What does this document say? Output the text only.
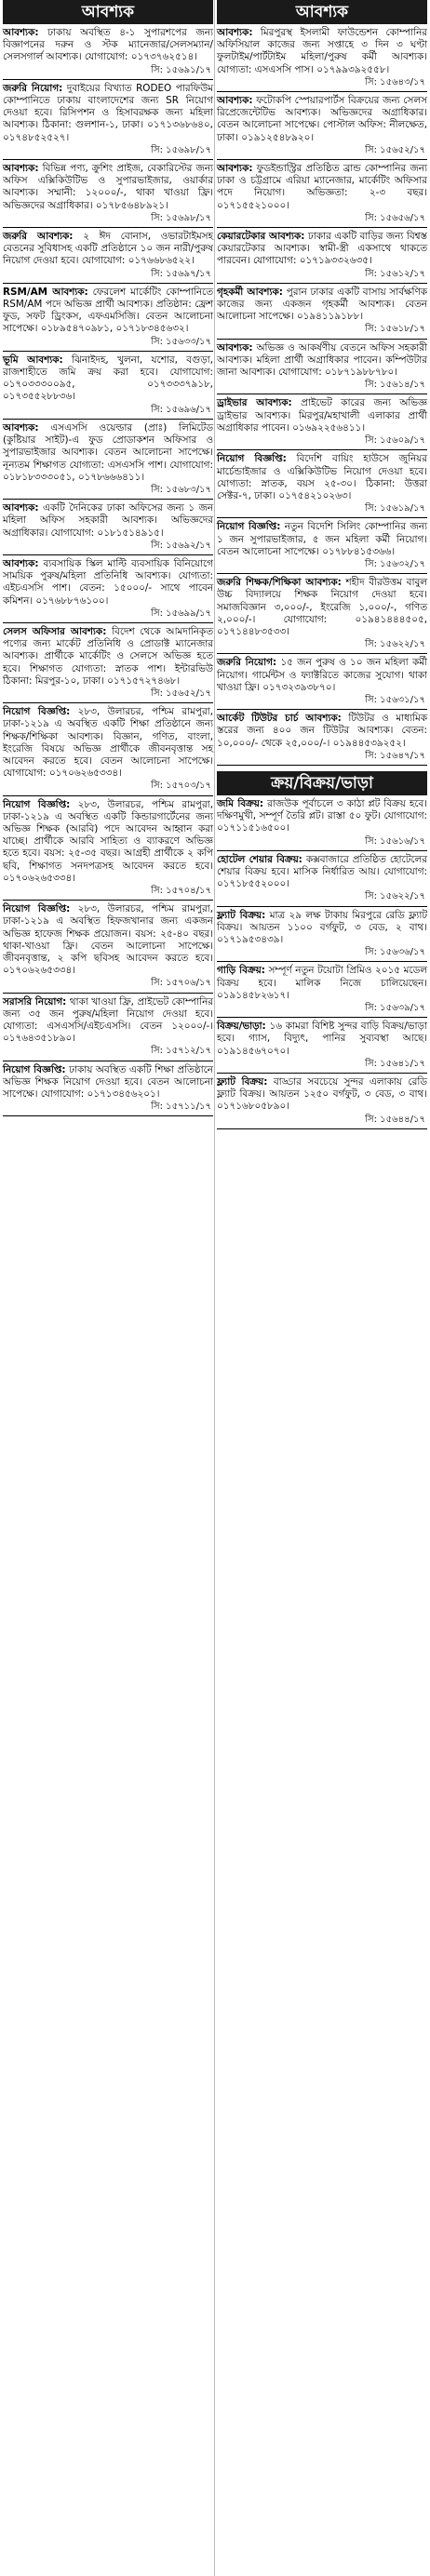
আবশ্যক
আবশ্যক: ঢাকায় অবস্থিত ৪-১ সুপারশপের জন্য বিজ্ঞাপনের দরুন ও স্টক ম্যানেজার/সেলসম্যান/সেলসগার্ল আবশ্যক। যোগাযোগ: ০১৭৩৭৬২৫১৪।
সি: ১৫৬৯১/১৭
জরুরি নিয়োগ: দুবাইয়ের বিখ্যাত RODEO পারফিউম কোম্পানিতে ঢাকায় বাংলাদেশের জন্য SR নিয়োগ দেওয়া হবে। রিসিপশন ও হিসাবরক্ষক জন্য মহিলা আবশ্যক। ঠিকানা: গুলশান-১, ঢাকা। ০১৭১৩৬৮৬৪০, ০১৭৪৮৫২৫২৭।
সি: ১৫৬৯৮/১৭
আবশ্যক: বিভিন্ন পণ্য, ক্রুশিং প্রাইজ, বেকারিস্টের জন্য অফিস এক্সিকিউটিভ ও সুপারভাইজার, ওয়ার্কার আবশ্যক। সম্মানী: ১২০০০/-, থাকা খাওয়া ফ্রি। অভিজ্ঞদের অগ্রাধিকার। ০১৭৮৫৬৪৮৯২১।
সি: ১৫৬৯৮/১৭
জরুরি আবশ্যক: ২ ঈদ বোনাস, ওভারটাইমসহ বেতনের সুবিধাসহ একটি প্রতিষ্ঠানে ১০ জন নারী/পুরুষ নিয়োগ দেওয়া হবে। যোগাযোগ: ০১৭৬৬৮৬৫২২।
সি: ১৫৬৯৭/১৭
RSM/AM আবশ্যক: ফেরলেশ মার্কেটিং কোম্পানিতে RSM/AM পদে অভিজ্ঞ প্রার্থী আবশ্যক। প্রতিষ্ঠান: ফ্রেশ ফুড, সফট ড্রিংকস, এফএমসিজি। বেতন আলোচনা সাপেক্ষে। ০১৮৯৫৪৭০৯৮১, ০১৭১৮৩৪৫৬৩২।
সি: ১৫৬৩৩/১৭
ভূমি আবশ্যক: ঝিনাইদহ, খুলনা, যশোর, বগুড়া, রাজশাহীতে জমি ক্রয় করা হবে। যোগাযোগ: ০১৭০৩৩৩০০৯৫, ০১৭৩৩৩৭৯১৮, ০১৭৩৫৫২৮৮৩৬।
সি: ১৫৬৯৬/১৭
আবশ্যক: এসএসসি ওয়েল্ডার (প্রাঃ) লিমিটেড (কুষ্টিয়ার সাইট)-এ ফুড প্রোডাকশন অফিসার ও সুপারভাইজার আবশ্যক। বেতন আলোচনা সাপেক্ষে। নূন্যতম শিক্ষাগত যোগ্যতা: এসএসসি পাশ। যোগাযোগ: ০১৮১৮৩৩৩০৫১, ০১৭৮৬৬৬৪১১।
সি: ১৫৬৮৩/১৭
আবশ্যক: একটি দৈনিকের ঢাকা অফিসের জন্য ১ জন মহিলা অফিস সহকারী আবশ্যক। অভিজ্ঞদের অগ্রাধিকার। যোগাযোগ: ০১৮১৫১৪৯১৫।
সি: ১৫৬৯২/১৭
আবশ্যক: ব্যবসায়িক স্কিল মাল্টি ব্যবসায়িক বিনিয়োগে সাময়িক পুরুষ/মহিলা প্রতিনিধি আবশ্যক। যোগ্যতা: এইচএসসি পাশ। বেতন: ১৫০০০/- সাথে পাবেন কমিশন। ০১৭৬৮৮৭৬১০০।
সি: ১৫৬৯৯/১৭
সেলস অফিসার আবশ্যক: বিদেশ থেকে আমদানিকৃত পণ্যের জন্য মার্কেট প্রতিনিধি ও প্রোডাক্ট ম্যানেজার আবশ্যক। প্রার্থীকে মার্কেটিং ও সেলসে অভিজ্ঞ হতে হবে। শিক্ষাগত যোগ্যতা: স্নাতক পাশ। ইন্টারভিউ ঠিকানা: মিরপুর-১০, ঢাকা। ০১৭১৫৭২৭৪৬৮।
সি: ১৫৬৫২/১৭
নিয়োগ বিজ্ঞপ্তি: ২৮৩, উলারচর, পশ্চিম রামপুরা, ঢাকা-১২১৯ এ অবস্থিত একটি শিক্ষা প্রতিষ্ঠানে জন্য শিক্ষক/শিক্ষিকা আবশ্যক। বিজ্ঞান, গণিত, বাংলা, ইংরেজি বিষয়ে অভিজ্ঞ প্রার্থীকে জীবনবৃত্তান্ত সহ আবেদন করতে হবে। বেতন আলোচনা সাপেক্ষে। যোগাযোগ: ০১৭০৬২৬৫৩৩৪।
সি: ১৫৭০৩/১৭
নিয়োগ বিজ্ঞপ্তি: ২৮৩, উলারচর, পশ্চিম রামপুরা, ঢাকা-১২১৯ এ অবস্থিত একটি কিন্ডারগার্টেনের জন্য অভিজ্ঞ শিক্ষক (আরবি) পদে আবেদন আহ্বান করা যাচ্ছে। প্রার্থীকে আরবি সাহিত্য ও ব্যাকরণে অভিজ্ঞ হতে হবে। বয়স: ২৫-৩৫ বছর। আগ্রহী প্রার্থীকে ২ কপি ছবি, শিক্ষাগত সনদপত্রসহ আবেদন করতে হবে। ০১৭০৬২৬৫৩৩৪।
সি: ১৫৭০৪/১৭
নিয়োগ বিজ্ঞপ্তি: ২৮৩, উলারচর, পশ্চিম রামপুরা, ঢাকা-১২১৯ এ অবস্থিত হিফজখানার জন্য একজন অভিজ্ঞ হাফেজ শিক্ষক প্রয়োজন। বয়স: ২৫-৪০ বছর। থাকা-খাওয়া ফ্রি। বেতন আলোচনা সাপেক্ষে। জীবনবৃত্তান্ত, ২ কপি ছবিসহ আবেদন করতে হবে। ০১৭০৬২৬৫৩৩৪।
সি: ১৫৭০৬/১৭
সরাসরি নিয়োগ: থাকা খাওয়া ফ্রি, প্রাইভেট কোম্পানির জন্য ৩৫ জন পুরুষ/মহিলা নিয়োগ দেওয়া হবে। যোগ্যতা: এসএসসি/এইচএসসি। বেতন ১২০০০/-। ০১৭৬৪৩৫১৮৯০।
সি: ১৫৭১২/১৭
নিয়োগ বিজ্ঞপ্তি: ঢাকায় অবস্থিত একটি শিক্ষা প্রতিষ্ঠানে অভিজ্ঞ শিক্ষক নিয়োগ দেওয়া হবে। বেতন আলোচনা সাপেক্ষে। যোগাযোগ: ০১৭১৩৪৫৬২০১।
সি: ১৫৭১১/১৭
আবশ্যক
আবশ্যক: মিরপুরস্থ ইসলামী ফাউন্ডেশন কোম্পানির অফিসিয়াল কাজের জন্য সপ্তাহে ৩ দিন ৩ ঘণ্টা ফুলটাইম/পার্টটাইম মহিলা/পুরুষ কর্মী আবশ্যক। যোগ্যতা: এসএসসি পাস। ০১৭৯৯৩৯২৫৫৮।
সি: ১৫৬৪৩/১৭
আবশ্যক: ফটোকপি স্পেয়ারপার্টস বিক্রয়ের জন্য সেলস রিপ্রেজেন্টেটিভ আবশ্যক। অভিজ্ঞদের অগ্রাধিকার। বেতন আলোচনা সাপেক্ষে। পোস্টাল অফিস: নীলক্ষেত, ঢাকা। ০১৯১২৫৪৮৯২০।
সি: ১৫৬৫২/১৭
আবশ্যক: ফুডইন্ডাস্ট্রির প্রতিষ্ঠিত ব্রান্ড কোম্পানির জন্য ঢাকা ও চট্টগ্রামে এরিয়া ম্যানেজার, মার্কেটিং অফিসার পদে নিয়োগ। অভিজ্ঞতা: ২-৩ বছর। ০১৭১৫৫২১০০০।
সি: ১৫৬৫৬/১৭
কেয়ারটেকার আবশ্যক: ঢাকার একটি বাড়ির জন্য বিশ্বস্ত কেয়ারটেকার আবশ্যক। স্বামী-স্ত্রী একসাথে থাকতে পারবেন। যোগাযোগ: ০১৭১৯৩৩২৬৩৫।
সি: ১৫৬১২/১৭
গৃহকর্মী আবশ্যক: পুরান ঢাকার একটি বাসায় সার্বক্ষণিক কাজের জন্য একজন গৃহকর্মী আবশ্যক। বেতন আলোচনা সাপেক্ষে। ০১৯৪১১৯১৮৮।
সি: ১৫৬১৮/১৭
আবশ্যক: অভিজ্ঞ ও আকর্ষণীয় বেতনে অফিস সহকারী আবশ্যক। মহিলা প্রার্থী অগ্রাধিকার পাবেন। কম্পিউটার জানা আবশ্যক। যোগাযোগ: ০১৮৭১৯৮৮৭৮০।
সি: ১৫৬১৪/১৭
ড্রাইভার আবশ্যক: প্রাইভেট কারের জন্য অভিজ্ঞ ড্রাইভার আবশ্যক। মিরপুর/মহাখালী এলাকার প্রার্থী অগ্রাধিকার পাবেন। ০১৬৯২২৫৬৪১১।
সি: ১৫৬০৯/১৭
নিয়োগ বিজ্ঞপ্তি: বিদেশি বায়িং হাউসে জুনিয়র মার্চেন্ডাইজার ও এক্সিকিউটিভ নিয়োগ দেওয়া হবে। যোগ্যতা: স্নাতক, বয়স ২৫-৩০। ঠিকানা: উত্তরা সেক্টর-৭, ঢাকা। ০১৭৫৪২১০২৬৩।
সি: ১৫৬১৯/১৭
নিয়োগ বিজ্ঞপ্তি: নতুন বিদেশি সিলিং কোম্পানির জন্য ১ জন সুপারভাইজার, ৫ জন মহিলা কর্মী নিয়োগ। বেতন আলোচনা সাপেক্ষে। ০১৭৮৮৪১৫৩৬৬।
সি: ১৫৬৩২/১৭
জরুরি শিক্ষক/শিক্ষিকা আবশ্যক: শহীদ বীরউত্তম বাবুল উচ্চ বিদ্যালয়ে শিক্ষক নিয়োগ দেওয়া হবে। সমাজবিজ্ঞান ৩,০০০/-, ইংরেজি ১,০০০/-, গণিত ২,০০০/-। যোগাযোগ: ০১৯৪১৪৪৪৫০৫, ০১৭১৪৪৮৩৫৩৩।
সি: ১৫৬২২/১৭
জরুরি নিয়োগ: ১৫ জন পুরুষ ও ১০ জন মহিলা কর্মী নিয়োগ। গার্মেন্টস ও ফ্যাক্টরিতে কাজের সুযোগ। থাকা খাওয়া ফ্রি। ০১৭৩২৩৯৩৮৭০।
সি: ১৫৬৩১/১৭
আর্কেট টিউটর চার্চ আবশ্যক: টিউটর ও মাধ্যমিক স্তরের জন্য ৪০০ জন টিউটর আবশ্যক। বেতন: ১০,০০০/- থেকে ২৫,০০০/-। ০১৯৪৪৫৩৯২৫২।
সি: ১৫৬৪৭/১৭
ক্রয়/বিক্রয়/ভাড়া
জমি বিক্রয়: রাজউক পূর্বাচলে ৩ কাঠা প্লট বিক্রয় হবে। দক্ষিণমুখী, সম্পূর্ণ তৈরি প্লট। রাস্তা ৫০ ফুট। যোগাযোগ: ০১৭১১৫১৬৫০০।
সি: ১৫৬১৬/১৭
হোটেল শেয়ার বিক্রয়: কক্সবাজারে প্রতিষ্ঠিত হোটেলের শেয়ার বিক্রয় হবে। মাসিক নির্ধারিত আয়। যোগাযোগ: ০১৭১৮৫৫২০০০।
সি: ১৫৬২২/১৭
ফ্ল্যাট বিক্রয়: মাত্র ২৯ লক্ষ টাকায় মিরপুরে রেডি ফ্ল্যাট বিক্রয়। আয়তন ১১০০ বর্গফুট, ৩ বেড, ২ বাথ। ০১৭১৯৫৩৪৩৯।
সি: ১৫৬৩৬/১৭
গাড়ি বিক্রয়: সম্পূর্ণ নতুন টয়োটা প্রিমিও ২০১৫ মডেল বিক্রয় হবে। মালিক নিজে চালিয়েছেন। ০১৯১৪৫৮২৬১৭।
সি: ১৫৬৩৯/১৭
বিক্রয়/ভাড়া: ১৬ কামরা বিশিষ্ট সুন্দর বাড়ি বিক্রয়/ভাড়া হবে। গ্যাস, বিদ্যুৎ, পানির সুব্যবস্থা আছে। ০১৯১৪৫৬৭০৭০।
সি: ১৫৬৪১/১৭
ফ্ল্যাট বিক্রয়: বাড্ডার সবচেয়ে সুন্দর এলাকায় রেডি ফ্ল্যাট বিক্রয়। আয়তন ১২৫০ বর্গফুট, ৩ বেড, ৩ বাথ। ০১৭১৬৮০৫৮৯০।
সি: ১৫৬৪৪/১৭
